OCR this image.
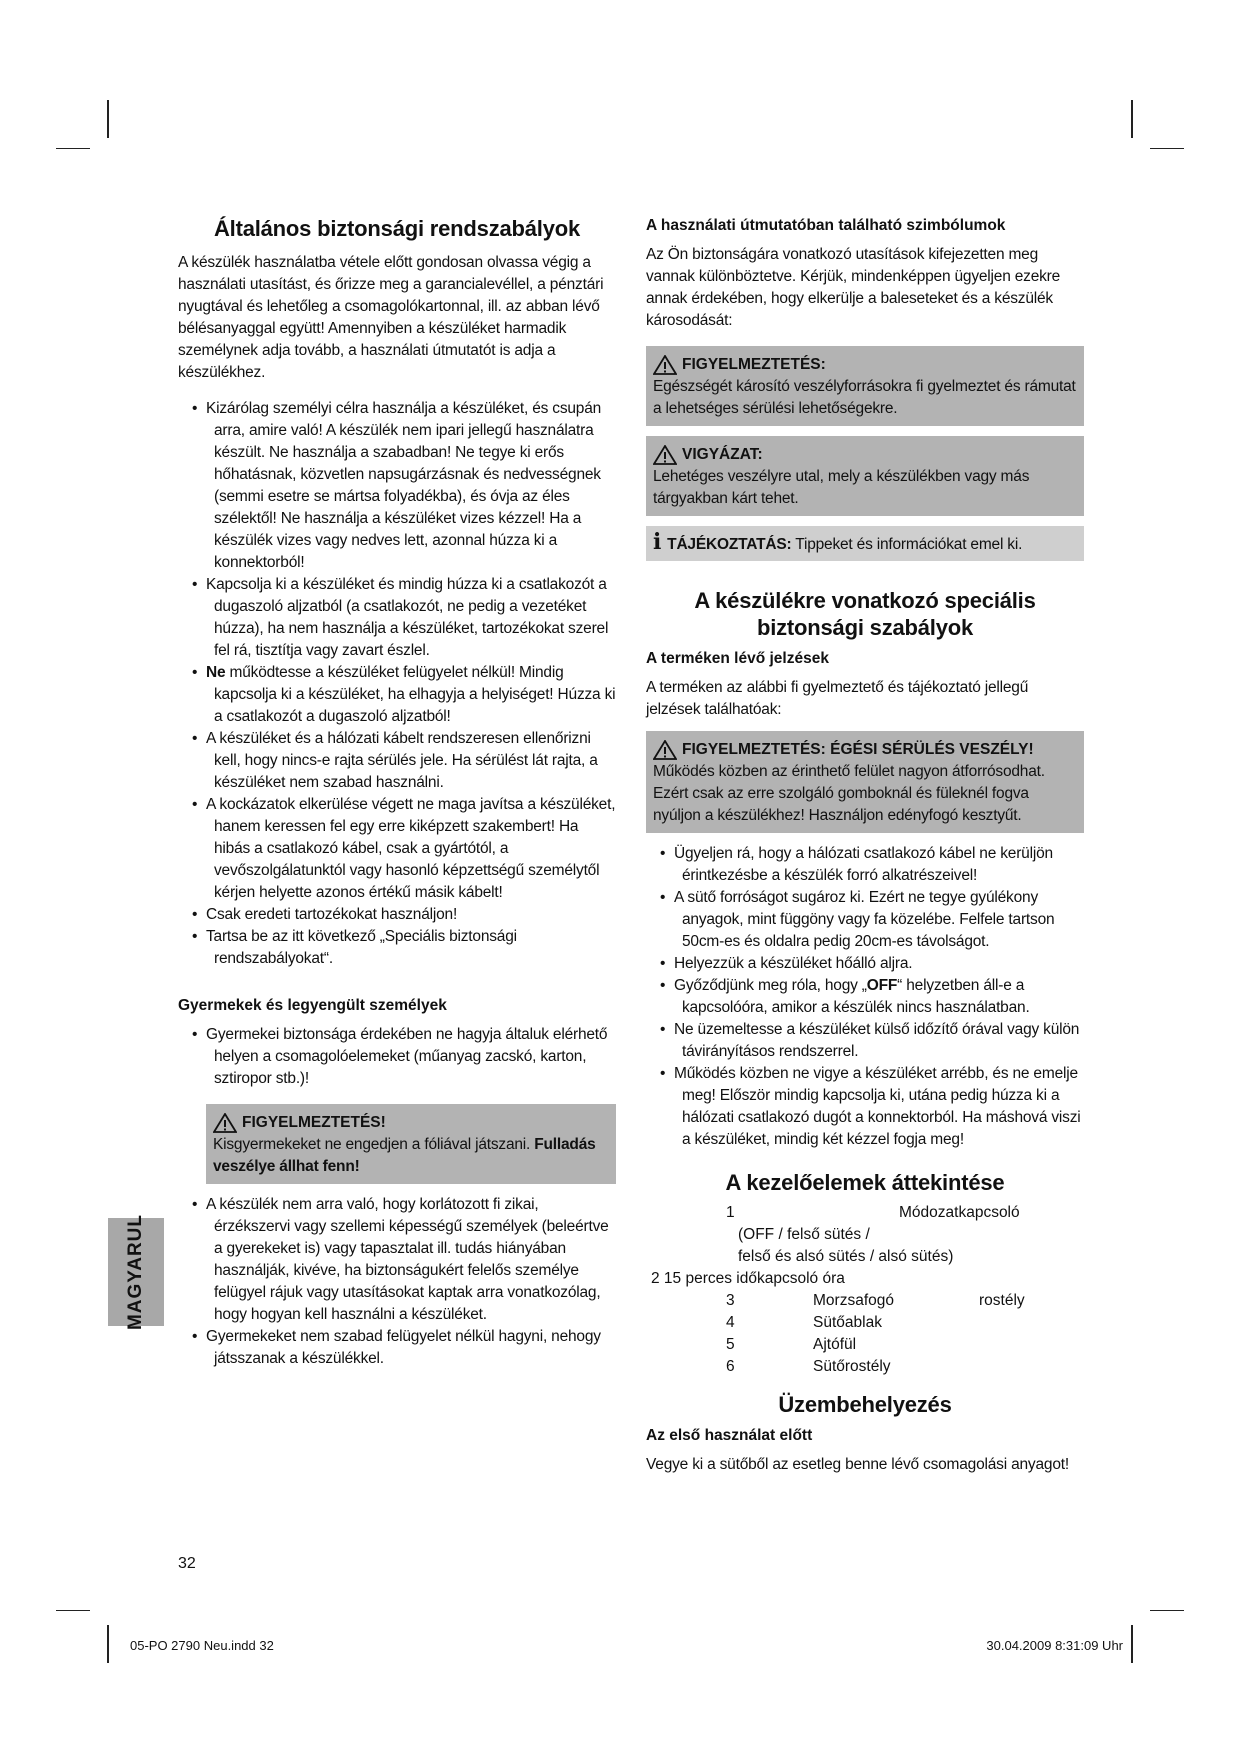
Általános biztonsági rendszabályok

A készülék használatba vétele előtt gondosan olvassa végig a használati utasítást, és őrizze meg a garancialevéllel, a pénztári nyugtával és lehetőleg a csomagolókartonnal, ill. az abban lévő bélésanyaggal együtt! Amennyiben a készüléket harmadik személynek adja tovább, a használati útmutatót is adja a készülékhez.

• Kizárólag személyi célra használja a készüléket, és csupán arra, amire való! A készülék nem ipari jellegű használatra készült. Ne használja a szabadban! Ne tegye ki erős hőhatásnak, közvetlen napsugárzásnak és nedvességnek (semmi esetre se mártsa folyadékba), és óvja az éles szélektől! Ne használja a készüléket vizes kézzel! Ha a készülék vizes vagy nedves lett, azonnal húzza ki a konnektorból!
• Kapcsolja ki a készüléket és mindig húzza ki a csatlakozót a dugaszoló aljzatból (a csatlakozót, ne pedig a vezetéket húzza), ha nem használja a készüléket, tartozékokat szerel fel rá, tisztítja vagy zavart észlel.
• Ne működtesse a készüléket felügyelet nélkül! Mindig kapcsolja ki a készüléket, ha elhagyja a helyiséget! Húzza ki a csatlakozót a dugaszoló aljzatból!
• A készüléket és a hálózati kábelt rendszeresen ellenőrizni kell, hogy nincs-e rajta sérülés jele. Ha sérülést lát rajta, a készüléket nem szabad használni.
• A kockázatok elkerülése végett ne maga javítsa a készüléket, hanem keressen fel egy erre kiképzett szakembert! Ha hibás a csatlakozó kábel, csak a gyártótól, a vevőszolgálatunktól vagy hasonló képzettségű személytől kérjen helyette azonos értékű másik kábelt!
• Csak eredeti tartozékokat használjon!
• Tartsa be az itt következő „Speciális biztonsági rendszabályokat“.
Gyermekek és legyengült személyek
• Gyermekei biztonsága érdekében ne hagyja általuk elérhető helyen a csomagolóelemeket (műanyag zacskó, karton, sztiropor stb.)!
FIGYELMEZTETÉS!
Kisgyermekeket ne engedjen a fóliával játszani. Fulladás veszélye állhat fenn!
• A készülék nem arra való, hogy korlátozott fi zikai, érzékszervi vagy szellemi képességű személyek (beleértve a gyerekeket is) vagy tapasztalat ill. tudás hiányában használják, kivéve, ha biztonságukért felelős személye felügyel rájuk vagy utasításokat kaptak arra vonatkozólag, hogy hogyan kell használni a készüléket.
• Gyermekeket nem szabad felügyelet nélkül hagyni, nehogy játsszanak a készülékkel.
A használati útmutatóban található szimbólumok

Az Ön biztonságára vonatkozó utasítások kifejezetten meg vannak különböztetve. Kérjük, mindenképpen ügyeljen ezekre annak érdekében, hogy elkerülje a baleseteket és a készülék károsodását:

FIGYELMEZTETÉS:
Egészségét károsító veszélyforrásokra fi gyelmeztet és rámutat a lehetséges sérülési lehetőségekre.
VIGYÁZAT:
Lehetéges veszélyre utal, mely a készülékben vagy más tárgyakban kárt tehet.
i TÁJÉKOZTATÁS: Tippeket és információkat emel ki.
A készülékre vonatkozó speciális biztonsági szabályok
A terméken lévő jelzések

A terméken az alábbi fi gyelmeztető és tájékoztató jellegű jelzések találhatóak:

FIGYELMEZTETÉS: ÉGÉSI SÉRÜLÉS VESZÉLY!
Működés közben az érinthető felület nagyon átforrósodhat. Ezért csak az erre szolgáló gomboknál és füleknél fogva nyúljon a készülékhez! Használjon edényfogó kesztyűt.
• Ügyeljen rá, hogy a hálózati csatlakozó kábel ne kerüljön érintkezésbe a készülék forró alkatrészeivel!
• A sütő forróságot sugároz ki. Ezért ne tegye gyúlékony anyagok, mint függöny vagy fa közelébe. Felfele tartson 50cm-es és oldalra pedig 20cm-es távolságot.
• Helyezzük a készüléket hőálló aljra.
• Győződjünk meg róla, hogy „OFF“ helyzetben áll-e a kapcsolóóra, amikor a készülék nincs használatban.
• Ne üzemeltesse a készüléket külső időzítő órával vagy külön távirányításos rendszerrel.
• Működés közben ne vigye a készüléket arrébb, és ne emelje meg! Először mindig kapcsolja ki, utána pedig húzza ki a hálózati csatlakozó dugót a konnektorból. Ha máshová viszi a készüléket, mindig két kézzel fogja meg!
A kezelőelemek áttekintése
1	Módozatkapcsoló
(OFF / felső sütés /
felső és alsó sütés / alsó sütés)
2 15 perces időkapcsoló óra
3	Morzsafogó	rostély
4	Sütőablak
5	Ajtófül
6	Sütőrostély
Üzembehelyezés
Az első használat előtt

Vegye ki a sütőből az esetleg benne lévő csomagolási anyagot!

MAGYARUL
32
05-PO 2790 Neu.indd 32	30.04.2009 8:31:09 Uhr
